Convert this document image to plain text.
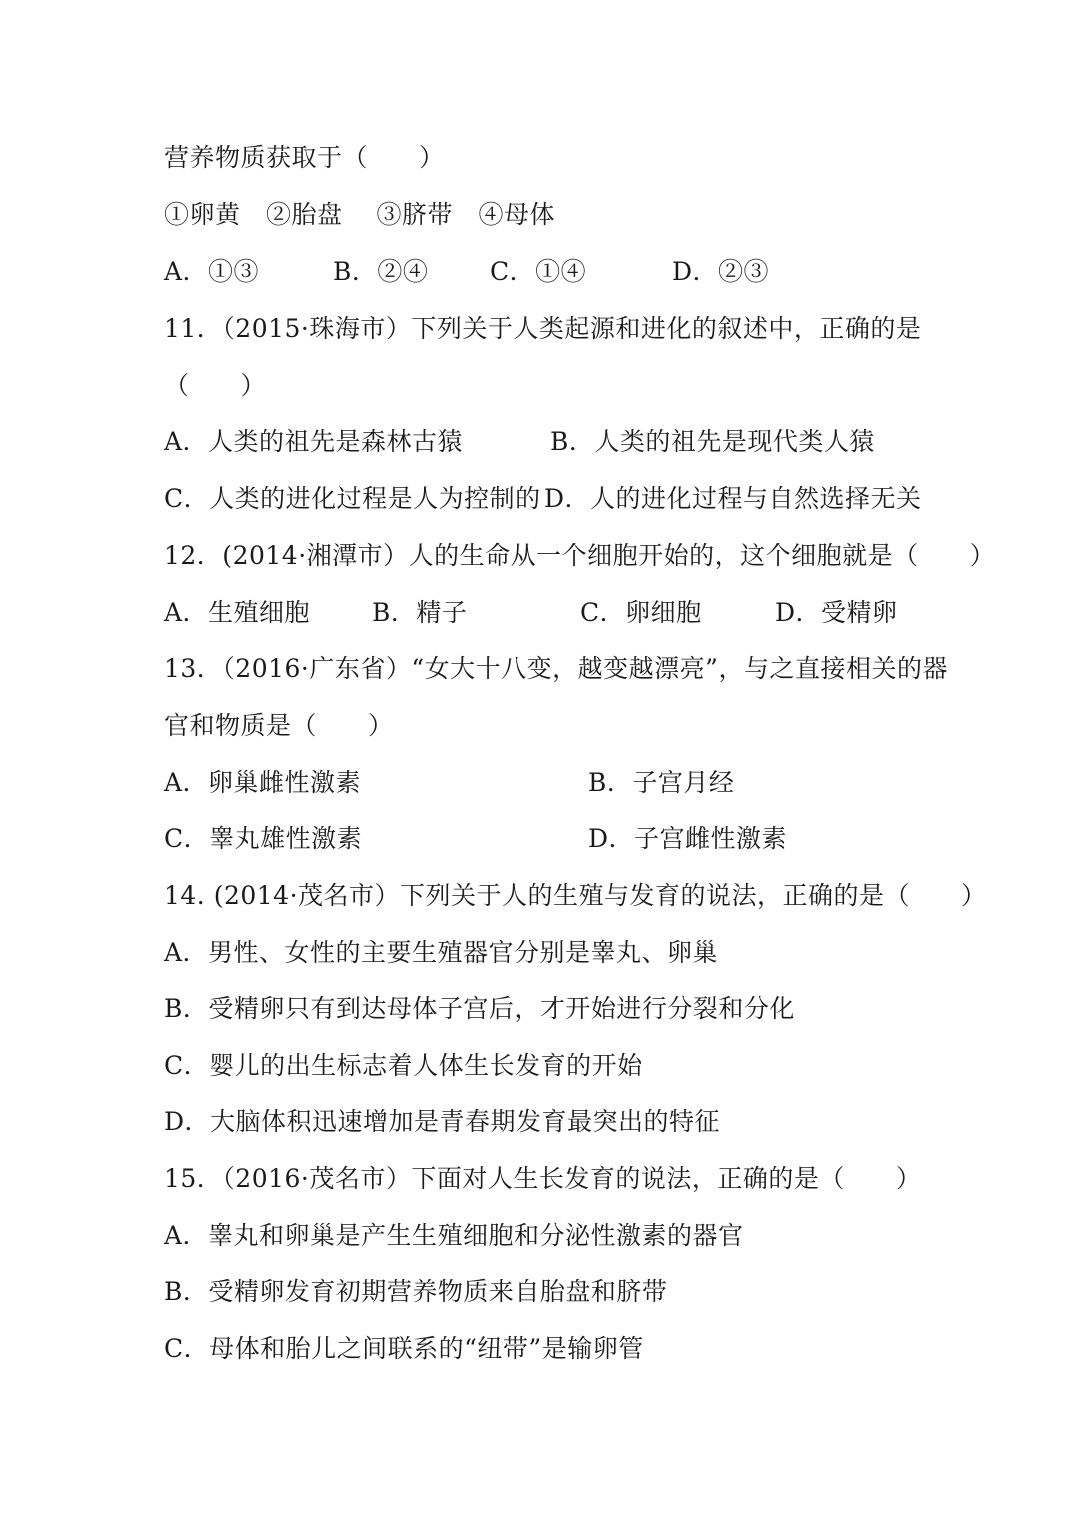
营养物质获取于（　　）
①卵黄　②胎盘　 ③脐带　④母体
A．①③	B．②④ C．①④	D．②③
11．（2015·珠海市）下列关于人类起源和进化的叙述中，正确的是
（　　）
A．人类的祖先是森林古猿	B．人类的祖先是现代类人猿
C．人类的进化过程是人为控制的 D．人的进化过程与自然选择无关
12．(2014·湘潭市）人的生命从一个细胞开始的，这个细胞就是（　　）
A．生殖细胞 B．精子	C．卵细胞	D．受精卵
13．（2016·广东省）“女大十八变，越变越漂亮”，与之直接相关的器
官和物质是（　　）
A．卵巢雌性激素	B．子宫月经
C．睾丸雄性激素	D．子宫雌性激素
14. (2014·茂名市）下列关于人的生殖与发育的说法，正确的是（　　）
A．男性、女性的主要生殖器官分别是睾丸、卵巢
B．受精卵只有到达母体子宫后，才开始进行分裂和分化
C．婴儿的出生标志着人体生长发育的开始
D．大脑体积迅速增加是青春期发育最突出的特征
15．（2016·茂名市）下面对人生长发育的说法，正确的是（　　）
A．睾丸和卵巢是产生生殖细胞和分泌性激素的器官
B．受精卵发育初期营养物质来自胎盘和脐带
C．母体和胎儿之间联系的“纽带”是输卵管
